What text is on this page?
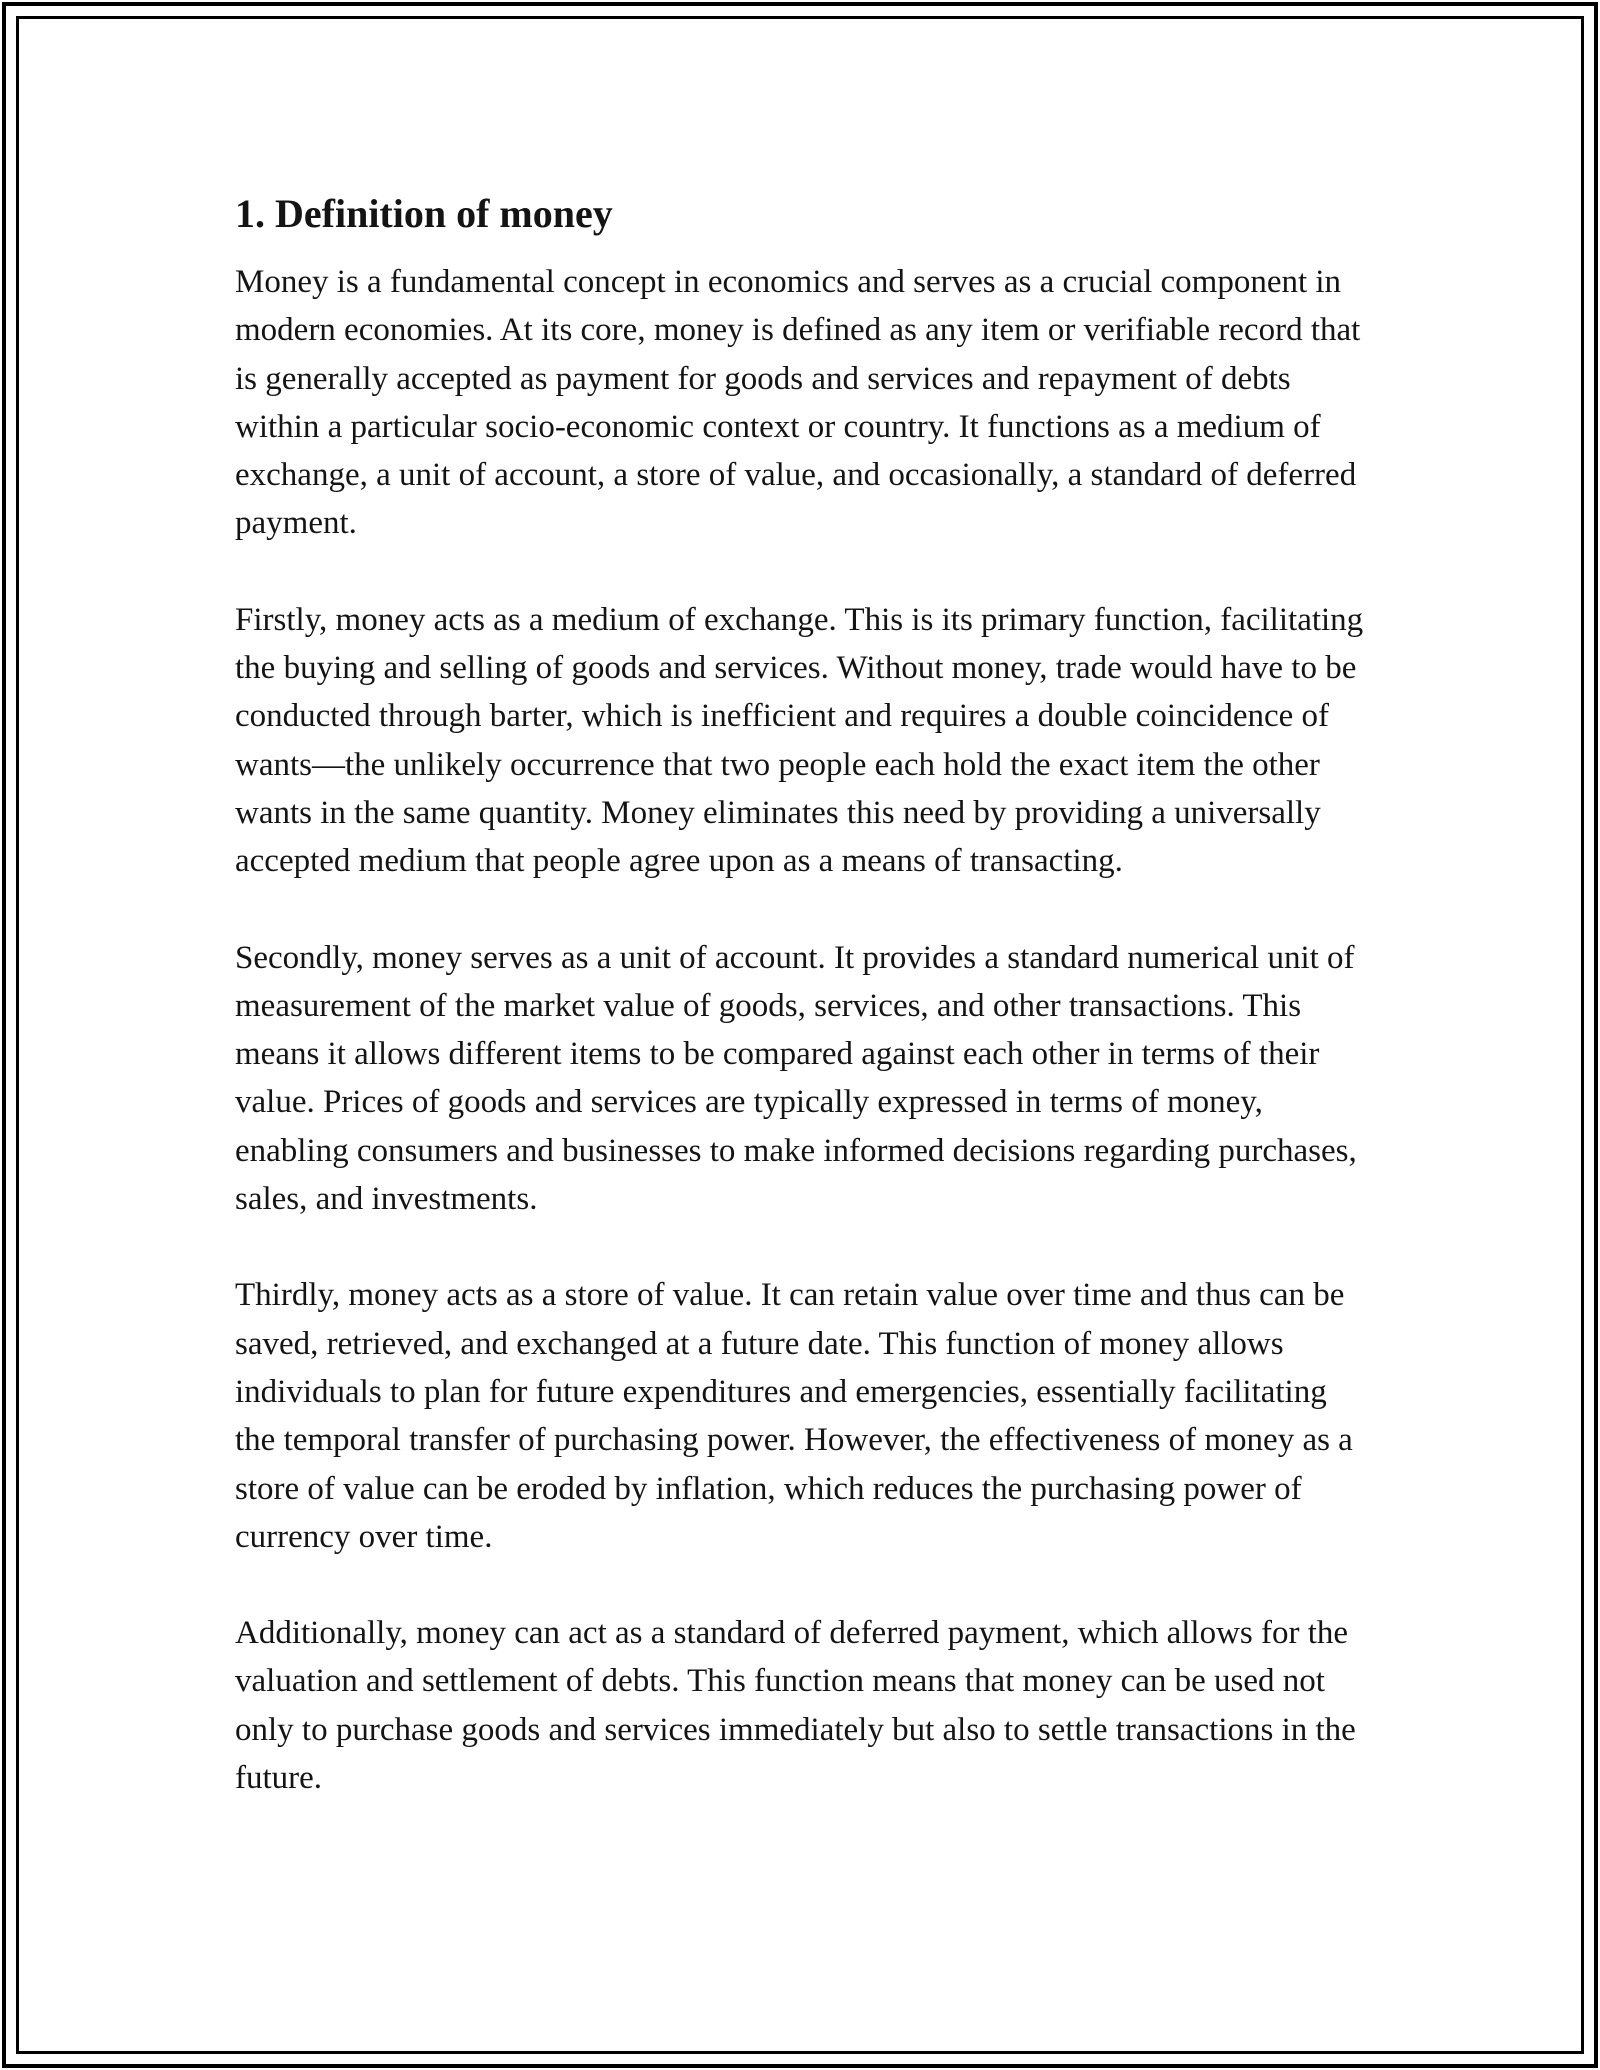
1. Definition of money

Money is a fundamental concept in economics and serves as a crucial component in modern economies. At its core, money is defined as any item or verifiable record that is generally accepted as payment for goods and services and repayment of debts within a particular socio-economic context or country. It functions as a medium of exchange, a unit of account, a store of value, and occasionally, a standard of deferred payment.

Firstly, money acts as a medium of exchange. This is its primary function, facilitating the buying and selling of goods and services. Without money, trade would have to be conducted through barter, which is inefficient and requires a double coincidence of wants—the unlikely occurrence that two people each hold the exact item the other wants in the same quantity. Money eliminates this need by providing a universally accepted medium that people agree upon as a means of transacting.

Secondly, money serves as a unit of account. It provides a standard numerical unit of measurement of the market value of goods, services, and other transactions. This means it allows different items to be compared against each other in terms of their value. Prices of goods and services are typically expressed in terms of money, enabling consumers and businesses to make informed decisions regarding purchases, sales, and investments.

Thirdly, money acts as a store of value. It can retain value over time and thus can be saved, retrieved, and exchanged at a future date. This function of money allows individuals to plan for future expenditures and emergencies, essentially facilitating the temporal transfer of purchasing power. However, the effectiveness of money as a store of value can be eroded by inflation, which reduces the purchasing power of currency over time.

Additionally, money can act as a standard of deferred payment, which allows for the valuation and settlement of debts. This function means that money can be used not only to purchase goods and services immediately but also to settle transactions in the future.
